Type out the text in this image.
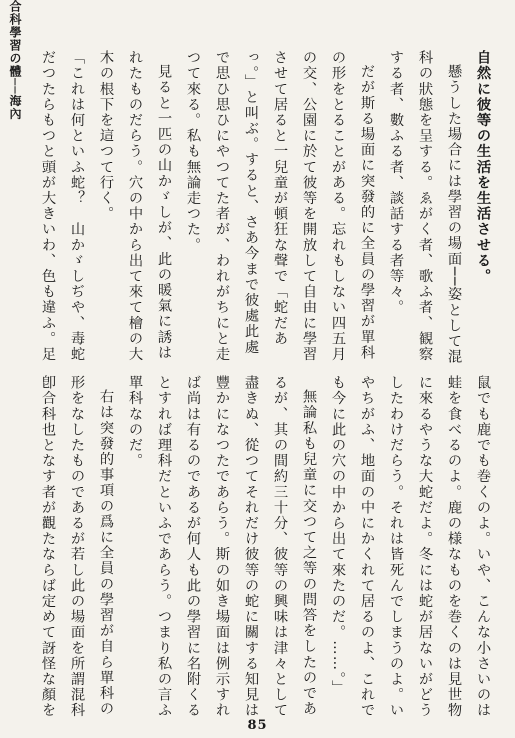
合科學習の體──海內	自然に彼等の生活を生活させる。
懸うした場合には學習の場面──姿として混科の狀態を呈する。ゑがく者、歌ふ者、観察する者、數ふる者、談話する者等々。
だが斯る場面に突發的に全員の學習が單科の形をとることがある。忘れもしない四五月の交、公園に於て彼等を開放して自由に學習させて居ると一兒童が頓狂な聲で「蛇だあっ。」と叫ぶ。すると、さあ今まで彼處此處で思ひ思ひにやつてた者が、われがちにと走つて來る。私も無論走つた。
見ると一匹の山かゞしが、此の暖氣に誘はれたものだらう。穴の中から出て來て檜の大木の根下を這つて行く。
「これは何といふ蛇？　山かゞしぢや、毒蛇だつたらもつと頭が大きいわ、色も違ふ。足　
鼠でも鹿でも巻くのよ。いや、こんな小さいのは蛙を食べるのよ。鹿の様なものを巻くのは見世物に來るやうな大蛇だよ。冬には蛇が居ないがどうしたわけだらう。それは皆死んでしまうのよ。いやちがふ、地面の中にかくれて居るのよ、これでも今に此の穴の中から出て來たのだ。……。」
無論私も兒童に交つて之等の問答をしたのであるが、其の間約三十分、彼等の興味は津々として盡きぬ、從つてそれだけ彼等の蛇に關する知見は豐かになつたであらう。斯の如き場面は例示すれば尚は有るのであるが何人も此の學習に名附くるとすれば理科だといふであらう。つまり私の言ふ單科なのだ。
右は突發的事項の爲に全員の學習が自ら單科の形をなしたものであるが若し此の場面を所謂混科卽合科也となす者が觀たならば定めて訝怪な顏を
85
